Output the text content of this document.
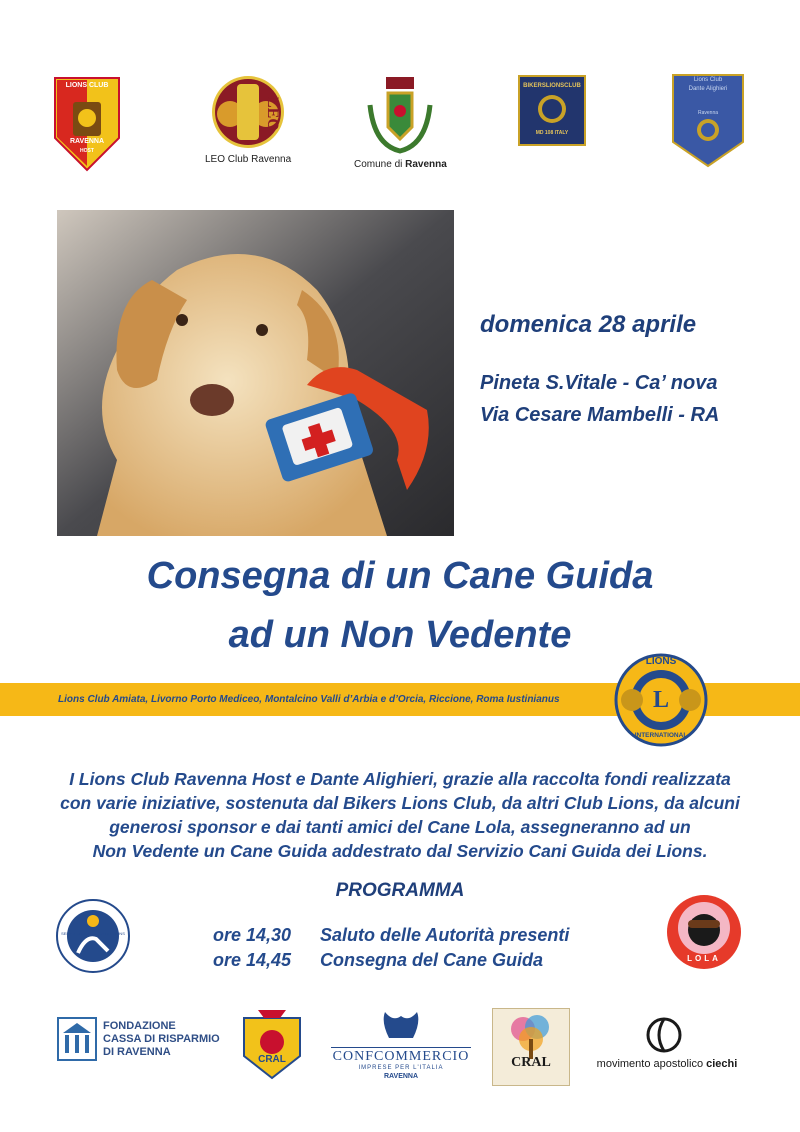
LIONS CLUB
RAVENNA
HOST
LEO
LEO Club Ravenna	Comune di Ravenna
BIKERSLIONSCLUB
MD 108 ITALY
Lions Club
Dante Alighieri
Ravenna
domenica 28 aprile
Pineta S.Vitale - Ca’ nova
Via Cesare Mambelli - RA
Consegna di un Cane Guida
ad un Non Vedente
Lions Club Amiata, Livorno Porto Mediceo, Montalcino Valli d’Arbia e d’Orcia, Riccione, Roma Iustinianus
LIONS
L
INTERNATIONAL
I Lions Club Ravenna Host e Dante Alighieri, grazie alla raccolta fondi realizzata
con varie iniziative, sostenuta dal Bikers Lions Club, da altri Club Lions, da alcuni
generosi sponsor e dai tanti amici del Cane Lola, assegneranno ad un
Non Vedente un Cane Guida addestrato dal Servizio Cani Guida dei Lions.
PROGRAMMA
ore 14,30 Saluto delle Autorità presenti
ore 14,45 Consegna del Cane Guida
SERVIZIO CANI GUIDA DEI LIONS
LOLA
FONDAZIONE
CASSA DI RISPARMIO
DI RAVENNA
CRAL	CONFCOMMERCIO
IMPRESE PER L'ITALIA
RAVENNA
CRAL	movimento apostolico ciechi
